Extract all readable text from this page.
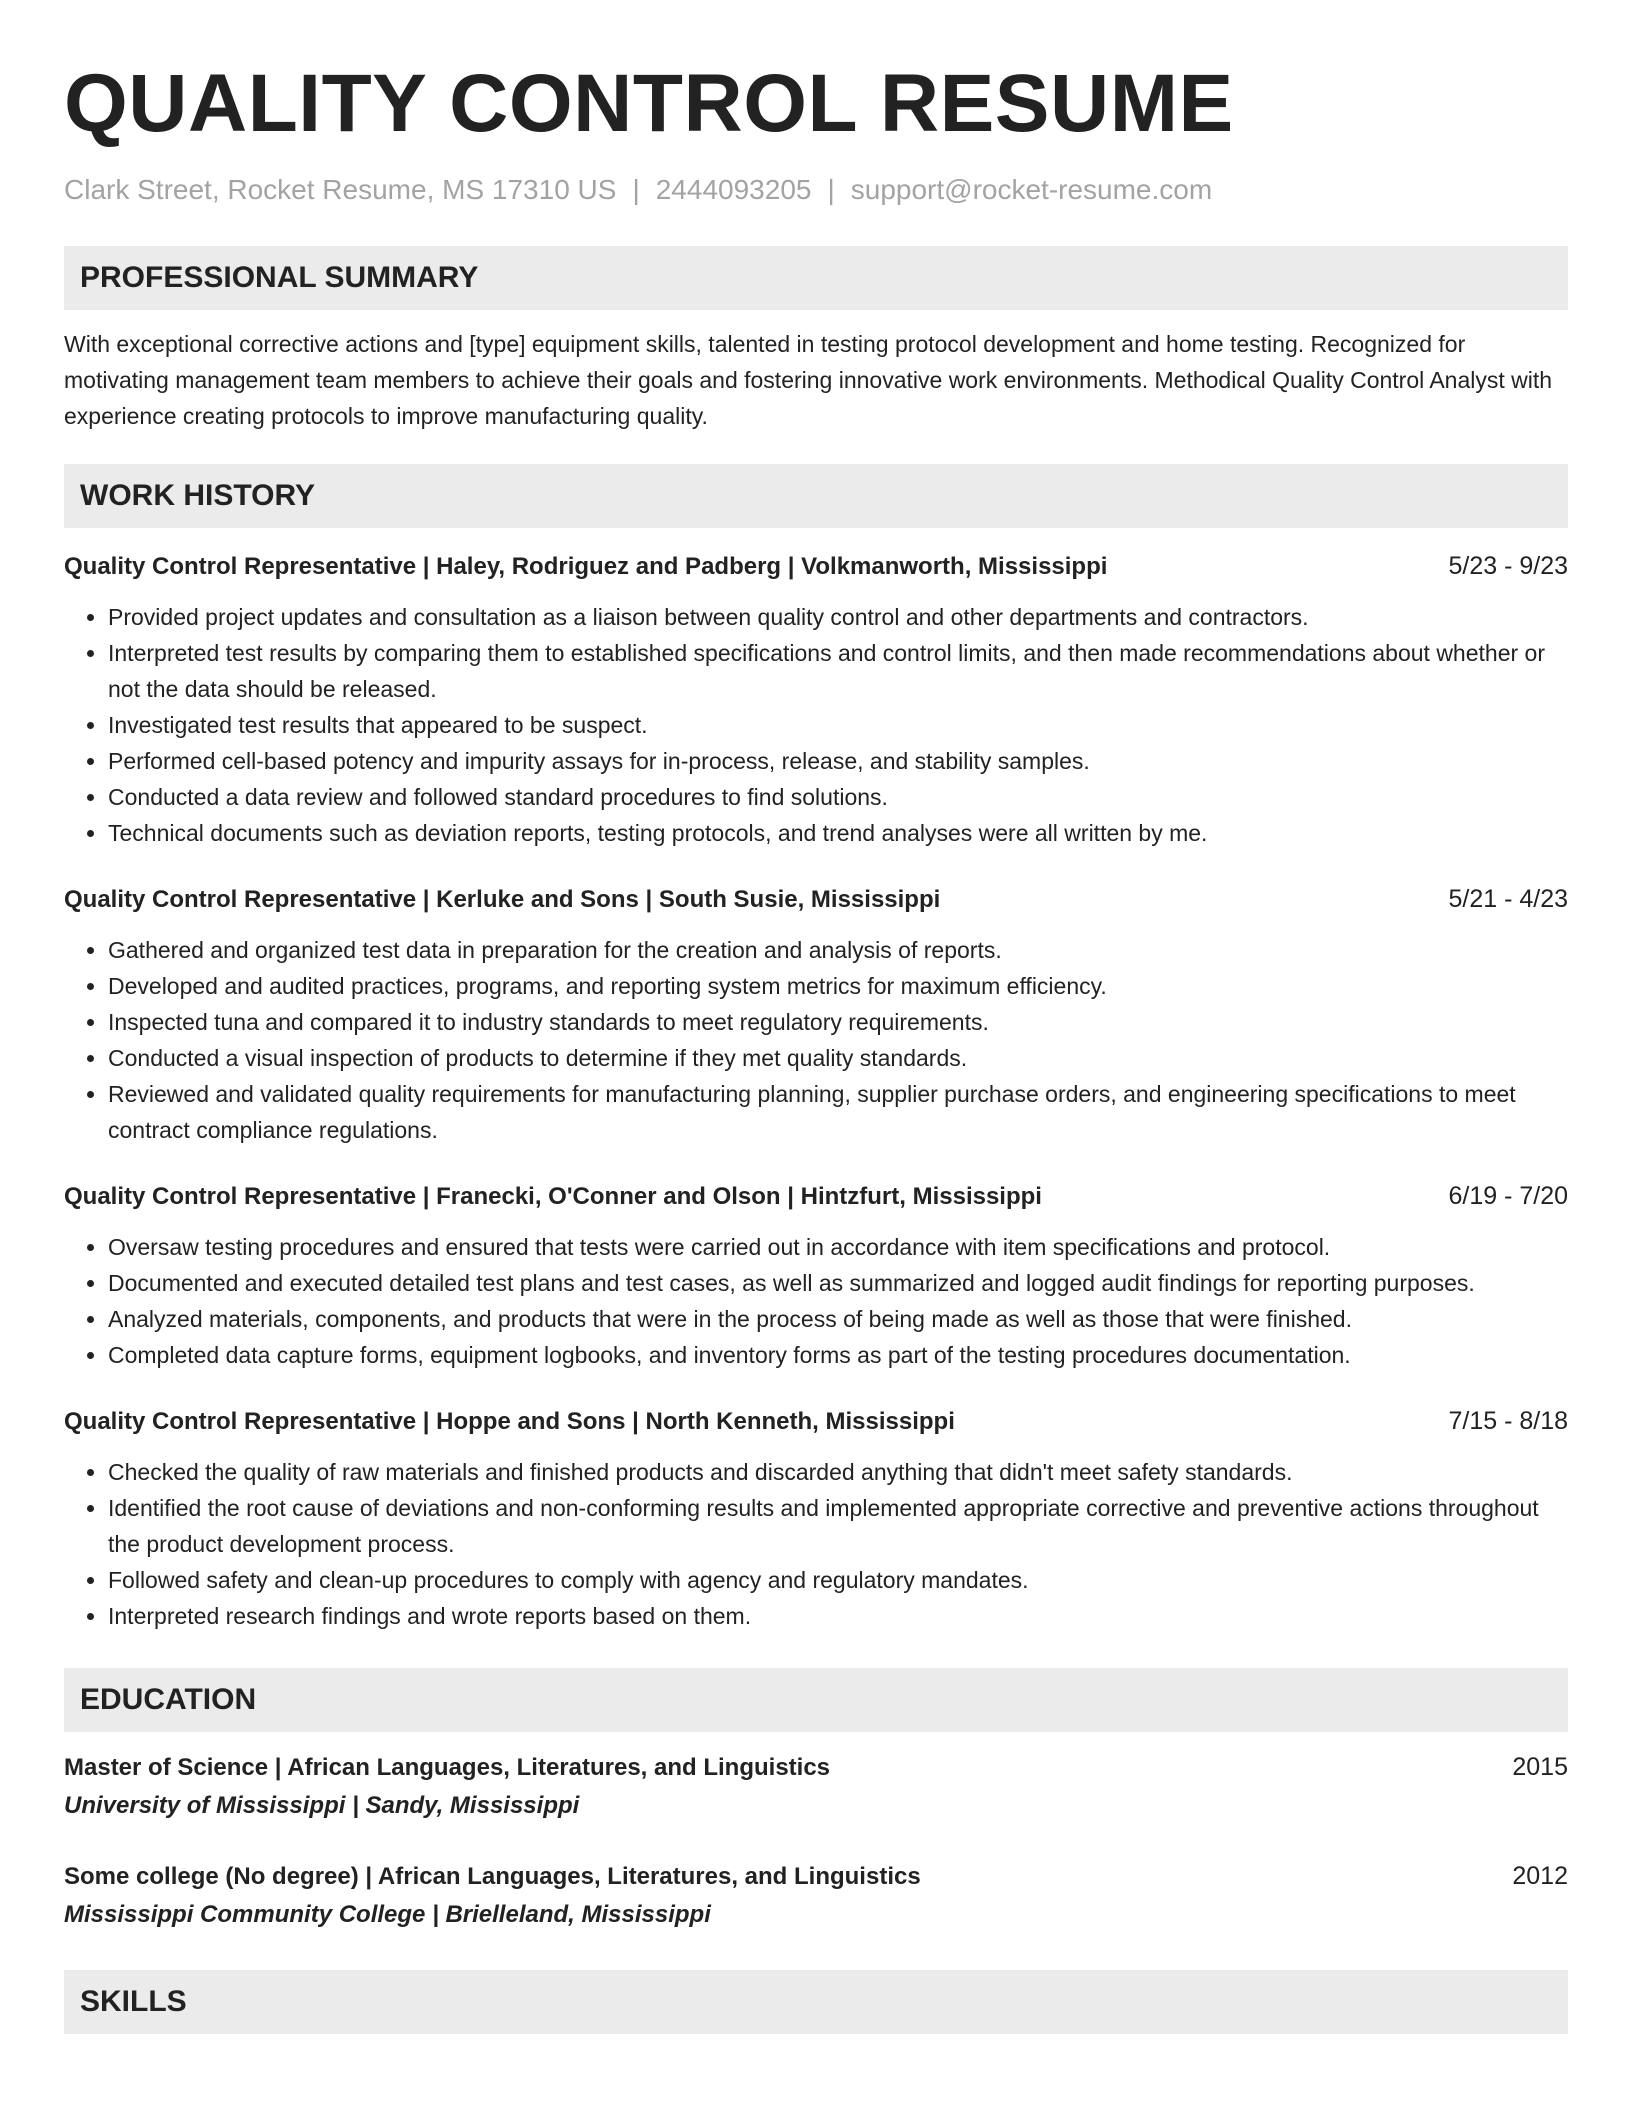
QUALITY CONTROL RESUME
Clark Street, Rocket Resume, MS 17310 US | 2444093205 | support@rocket-resume.com
PROFESSIONAL SUMMARY

With exceptional corrective actions and [type] equipment skills, talented in testing protocol development and home testing. Recognized for motivating management team members to achieve their goals and fostering innovative work environments. Methodical Quality Control Analyst with experience creating protocols to improve manufacturing quality.

WORK HISTORY
Quality Control Representative | Haley, Rodriguez and Padberg | Volkmanworth, Mississippi	5/23 - 9/23
• Provided project updates and consultation as a liaison between quality control and other departments and contractors.
• Interpreted test results by comparing them to established specifications and control limits, and then made recommendations about whether or not the data should be released.
• Investigated test results that appeared to be suspect.
• Performed cell-based potency and impurity assays for in-process, release, and stability samples.
• Conducted a data review and followed standard procedures to find solutions.
• Technical documents such as deviation reports, testing protocols, and trend analyses were all written by me.
Quality Control Representative | Kerluke and Sons | South Susie, Mississippi	5/21 - 4/23
• Gathered and organized test data in preparation for the creation and analysis of reports.
• Developed and audited practices, programs, and reporting system metrics for maximum efficiency.
• Inspected tuna and compared it to industry standards to meet regulatory requirements.
• Conducted a visual inspection of products to determine if they met quality standards.
• Reviewed and validated quality requirements for manufacturing planning, supplier purchase orders, and engineering specifications to meet contract compliance regulations.
Quality Control Representative | Franecki, O'Conner and Olson | Hintzfurt, Mississippi	6/19 - 7/20
• Oversaw testing procedures and ensured that tests were carried out in accordance with item specifications and protocol.
• Documented and executed detailed test plans and test cases, as well as summarized and logged audit findings for reporting purposes.
• Analyzed materials, components, and products that were in the process of being made as well as those that were finished.
• Completed data capture forms, equipment logbooks, and inventory forms as part of the testing procedures documentation.
Quality Control Representative | Hoppe and Sons | North Kenneth, Mississippi	7/15 - 8/18
• Checked the quality of raw materials and finished products and discarded anything that didn't meet safety standards.
• Identified the root cause of deviations and non-conforming results and implemented appropriate corrective and preventive actions throughout the product development process.
• Followed safety and clean-up procedures to comply with agency and regulatory mandates.
• Interpreted research findings and wrote reports based on them.
EDUCATION
Master of Science | African Languages, Literatures, and Linguistics	2015
University of Mississippi | Sandy, Mississippi
Some college (No degree) | African Languages, Literatures, and Linguistics	2012
Mississippi Community College | Brielleland, Mississippi
SKILLS
